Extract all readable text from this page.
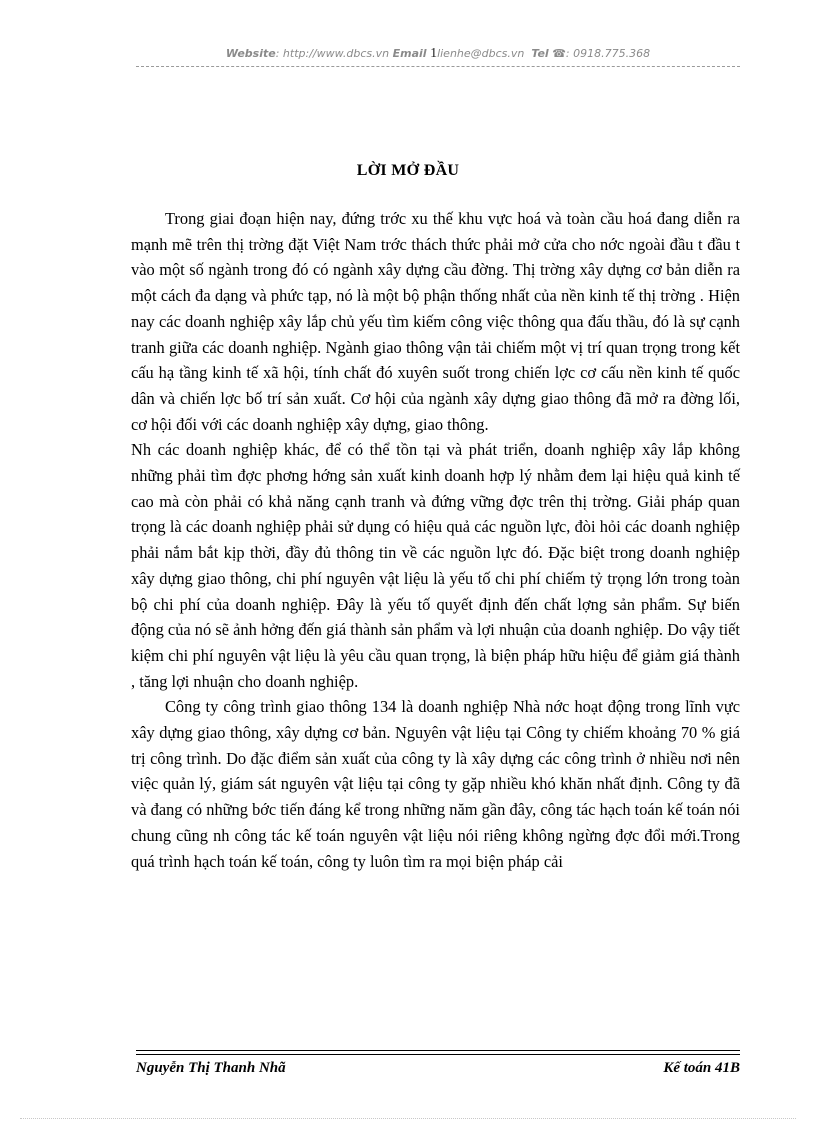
Website: http://www.dbcs.vn Email 1lienhe@dbcs.vn Tel ☎: 0918.775.368
LỜI MỞ ĐẦU

Trong giai đoạn hiện nay, đứng trớc xu thế khu vực hoá và toàn cầu hoá đang diễn ra mạnh mẽ trên thị trờng đặt Việt Nam trớc thách thức phải mở cửa cho nớc ngoài đầu t đầu t vào một số ngành trong đó có ngành xây dựng cầu đờng. Thị trờng xây dựng cơ bản diễn ra một cách đa dạng và phức tạp, nó là một bộ phận thống nhất của nền kinh tế thị trờng . Hiện nay các doanh nghiệp xây lắp chủ yếu tìm kiếm công việc thông qua đấu thầu, đó là sự cạnh tranh giữa các doanh nghiệp. Ngành giao thông vận tải chiếm một vị trí quan trọng trong kết cấu hạ tầng kinh tế xã hội, tính chất đó xuyên suốt trong chiến lợc cơ cấu nền kinh tế quốc dân và chiến lợc bố trí sản xuất. Cơ hội của ngành xây dựng giao thông đã mở ra đờng lối, cơ hội đối với các doanh nghiệp xây dựng, giao thông.

Nh các doanh nghiệp khác, để có thể tồn tại và phát triển, doanh nghiệp xây lắp không những phải tìm đợc phơng hớng sản xuất kinh doanh hợp lý nhằm đem lại hiệu quả kinh tế cao mà còn phải có khả năng cạnh tranh và đứng vững đợc trên thị trờng. Giải pháp quan trọng là các doanh nghiệp phải sử dụng có hiệu quả các nguồn lực, đòi hỏi các doanh nghiệp phải nắm bắt kịp thời, đầy đủ thông tin về các nguồn lực đó. Đặc biệt trong doanh nghiệp xây dựng giao thông, chi phí nguyên vật liệu là yếu tố chi phí chiếm tỷ trọng lớn trong toàn bộ chi phí của doanh nghiệp. Đây là yếu tố quyết định đến chất lợng sản phẩm. Sự biến động của nó sẽ ảnh hởng đến giá thành sản phẩm và lợi nhuận của doanh nghiệp. Do vậy tiết kiệm chi phí nguyên vật liệu là yêu cầu quan trọng, là biện pháp hữu hiệu để giảm giá thành , tăng lợi nhuận cho doanh nghiệp.

Công ty công trình giao thông 134 là doanh nghiệp Nhà nớc hoạt động trong lĩnh vực xây dựng giao thông, xây dựng cơ bản. Nguyên vật liệu tại Công ty chiếm khoảng 70 % giá trị công trình. Do đặc điểm sản xuất của công ty là xây dựng các công trình ở nhiều nơi nên việc quản lý, giám sát nguyên vật liệu tại công ty gặp nhiều khó khăn nhất định. Công ty đã và đang có những bớc tiến đáng kể trong những năm gần đây, công tác hạch toán kế toán nói chung cũng nh công tác kế toán nguyên vật liệu nói riêng không ngừng đợc đổi mới.Trong quá trình hạch toán kế toán, công ty luôn tìm ra mọi biện pháp cải

Nguyễn Thị Thanh Nhã	Kế toán 41B
